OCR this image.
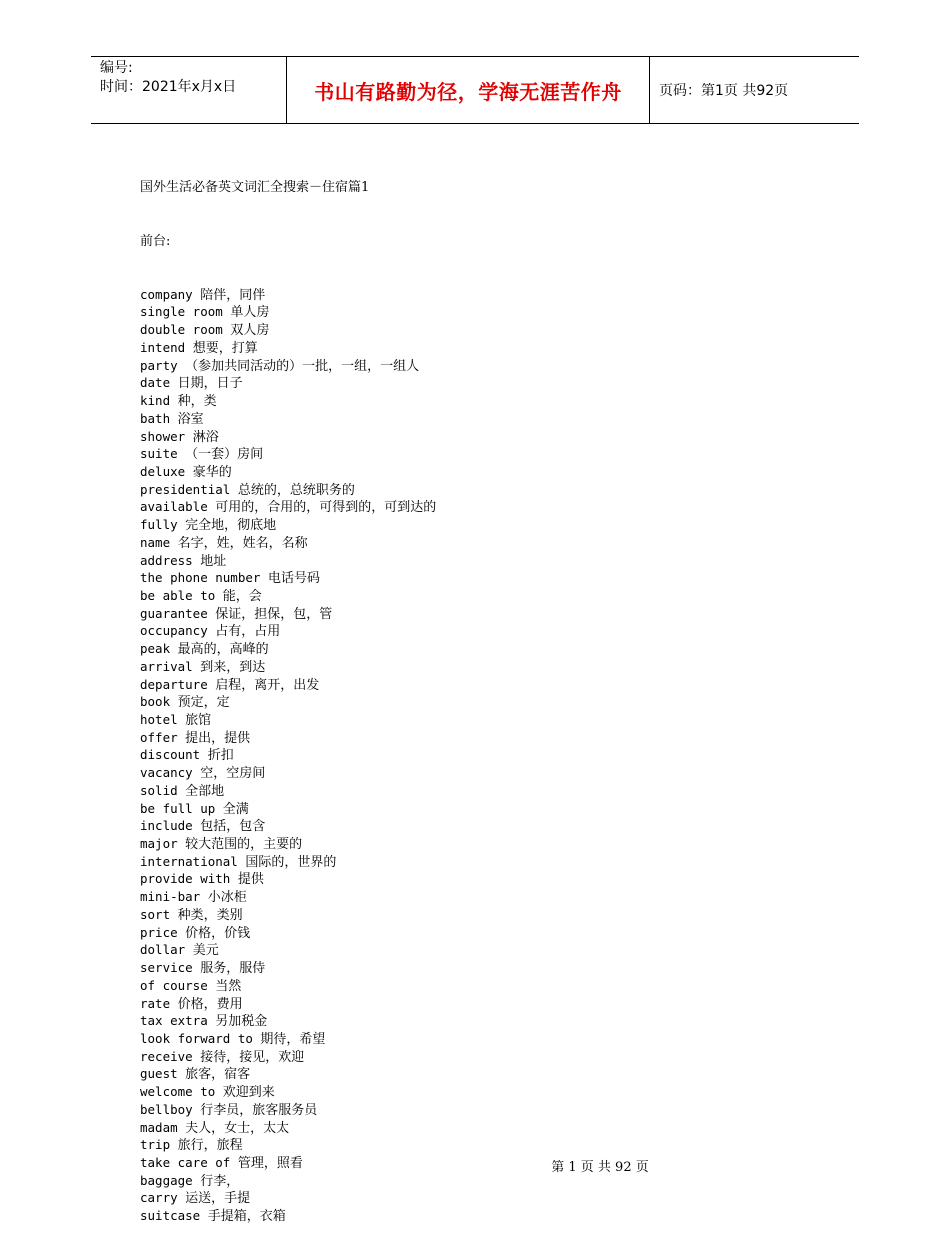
编号:
时间：2021年x月x日	书山有路勤为径，学海无涯苦作舟	页码：第1页 共92页

国外生活必备英文词汇全搜索－住宿篇1

前台:

company 陪伴，同伴
single room 单人房
double room 双人房
intend 想要，打算
party （参加共同活动的）一批，一组，一组人
date 日期，日子
kind 种，类
bath 浴室
shower 淋浴
suite （一套）房间
deluxe 豪华的
presidential 总统的，总统职务的
available 可用的，合用的，可得到的，可到达的
fully 完全地，彻底地
name 名字，姓，姓名，名称
address 地址
the phone number 电话号码
be able to 能，会
guarantee 保证，担保，包，管
occupancy 占有，占用
peak 最高的，高峰的
arrival 到来，到达
departure 启程，离开，出发
book 预定，定
hotel 旅馆
offer 提出，提供
discount 折扣
vacancy 空，空房间
solid 全部地
be full up 全满
include 包括，包含
major 较大范围的，主要的
international 国际的，世界的
provide with 提供
mini-bar 小冰柜
sort 种类，类别
price 价格，价钱
dollar 美元
service 服务，服侍
of course 当然
rate 价格，费用
tax extra 另加税金
look forward to 期待，希望
receive 接待，接见，欢迎
guest 旅客，宿客
welcome to 欢迎到来
bellboy 行李员，旅客服务员
madam 夫人，女士，太太
trip 旅行，旅程
take care of 管理，照看
baggage 行李，
carry 运送，手提
suitcase 手提箱，衣箱

第 1 页 共 92 页
